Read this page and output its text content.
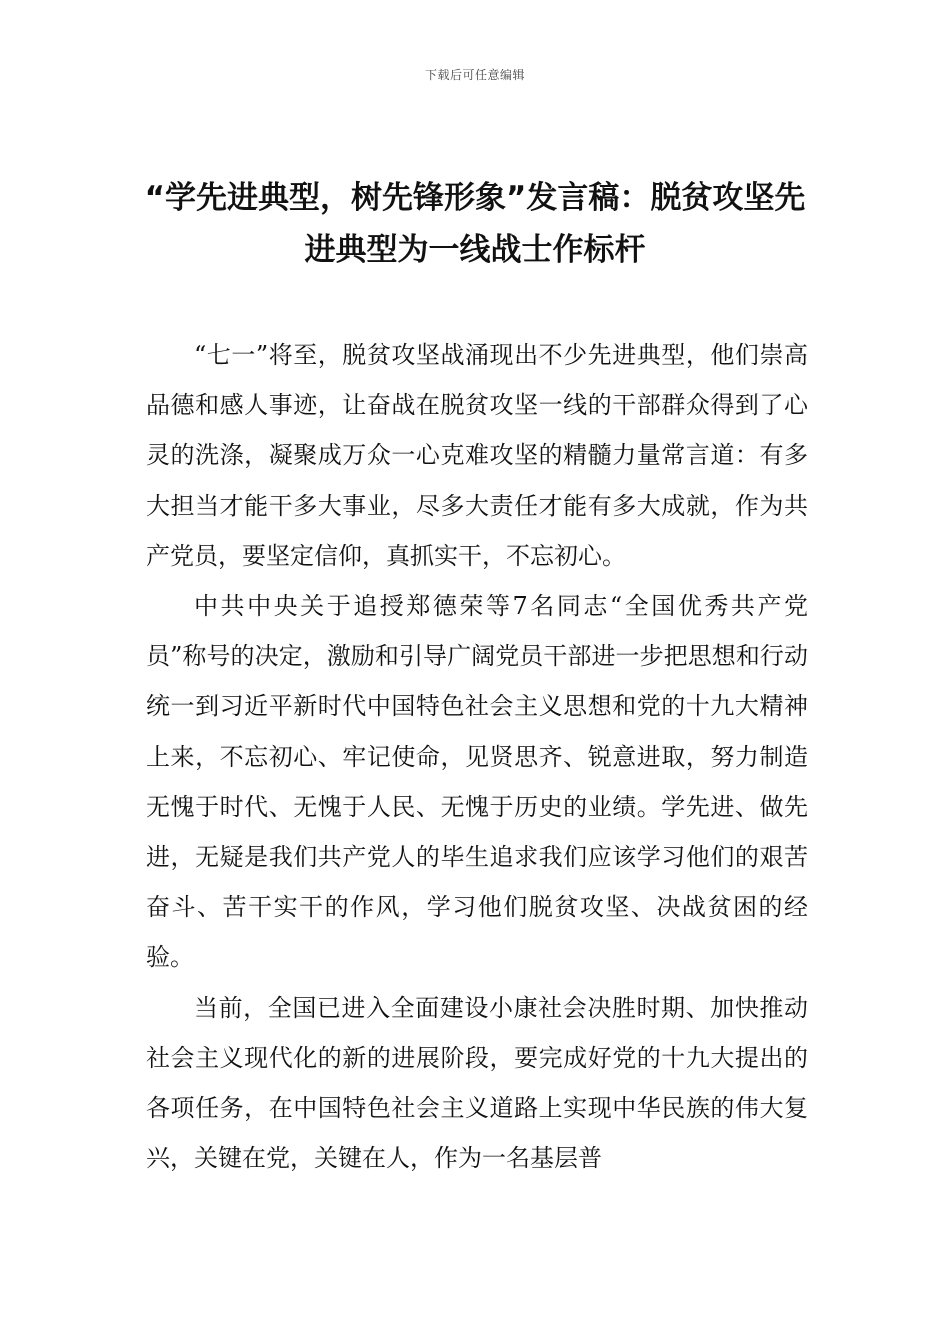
下载后可任意编辑
“学先进典型，树先锋形象”发言稿：脱贫攻坚先进典型为一线战士作标杆

“七一”将至，脱贫攻坚战涌现出不少先进典型，他们崇高品德和感人事迹，让奋战在脱贫攻坚一线的干部群众得到了心灵的洗涤，凝聚成万众一心克难攻坚的精髓力量常言道：有多大担当才能干多大事业，尽多大责任才能有多大成就，作为共产党员，要坚定信仰，真抓实干，不忘初心。

中共中央关于追授郑德荣等7名同志“全国优秀共产党员”称号的决定，激励和引导广阔党员干部进一步把思想和行动统一到习近平新时代中国特色社会主义思想和党的十九大精神上来，不忘初心、牢记使命，见贤思齐、锐意进取，努力制造无愧于时代、无愧于人民、无愧于历史的业绩。学先进、做先进，无疑是我们共产党人的毕生追求我们应该学习他们的艰苦奋斗、苦干实干的作风，学习他们脱贫攻坚、决战贫困的经验。

当前，全国已进入全面建设小康社会决胜时期、加快推动社会主义现代化的新的进展阶段，要完成好党的十九大提出的各项任务，在中国特色社会主义道路上实现中华民族的伟大复兴，关键在党，关键在人，作为一名基层普
